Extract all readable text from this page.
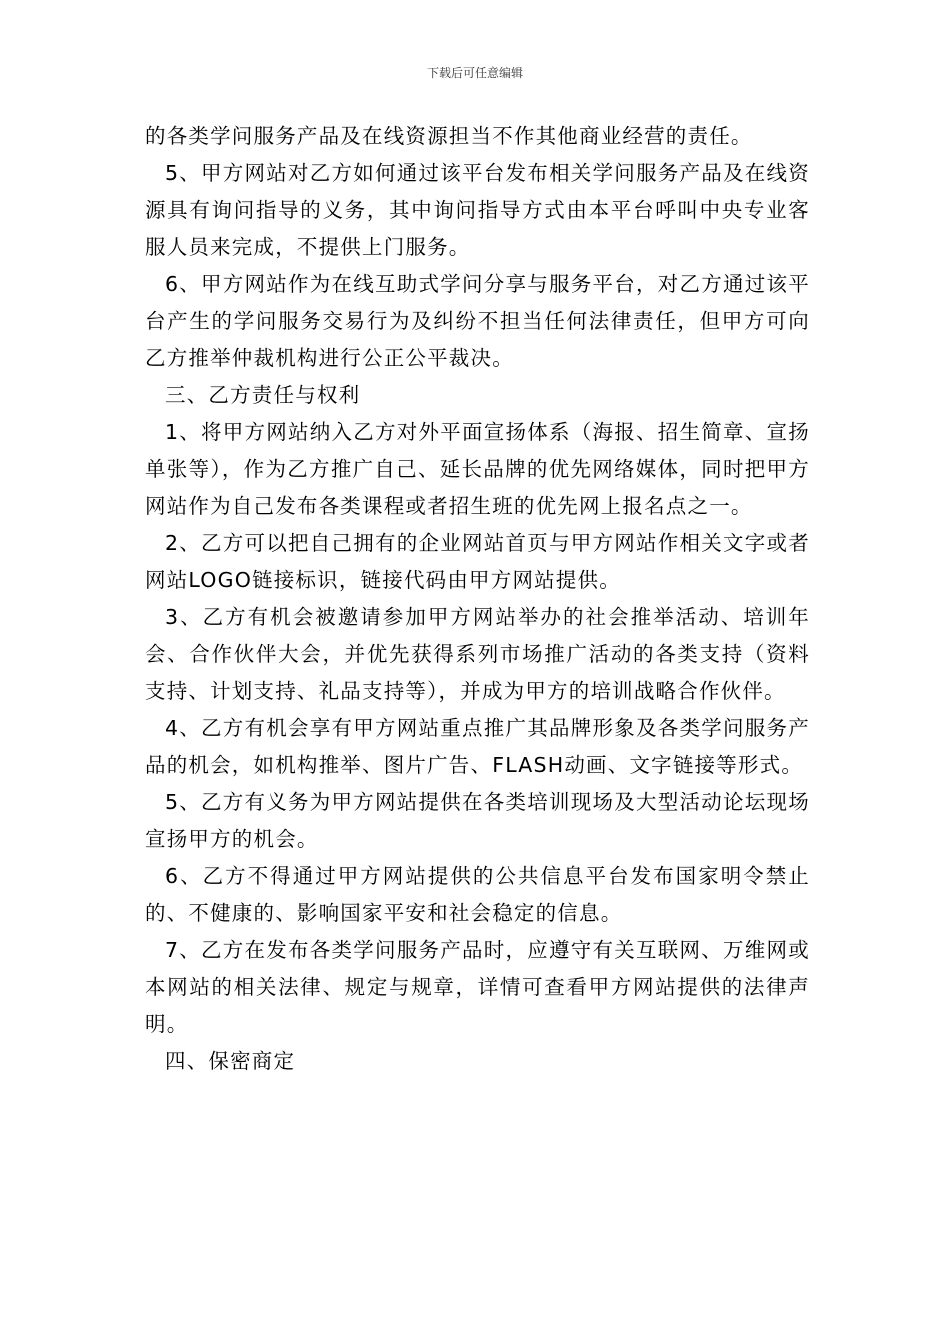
下载后可任意编辑

的各类学问服务产品及在线资源担当不作其他商业经营的责任。

5、甲方网站对乙方如何通过该平台发布相关学问服务产品及在线资源具有询问指导的义务，其中询问指导方式由本平台呼叫中央专业客服人员来完成，不提供上门服务。

6、甲方网站作为在线互助式学问分享与服务平台，对乙方通过该平台产生的学问服务交易行为及纠纷不担当任何法律责任，但甲方可向乙方推举仲裁机构进行公正公平裁决。

三、乙方责任与权利

1、将甲方网站纳入乙方对外平面宣扬体系（海报、招生简章、宣扬单张等），作为乙方推广自己、延长品牌的优先网络媒体，同时把甲方网站作为自己发布各类课程或者招生班的优先网上报名点之一。

2、乙方可以把自己拥有的企业网站首页与甲方网站作相关文字或者网站LOGO链接标识，链接代码由甲方网站提供。

3、乙方有机会被邀请参加甲方网站举办的社会推举活动、培训年会、合作伙伴大会，并优先获得系列市场推广活动的各类支持（资料支持、计划支持、礼品支持等），并成为甲方的培训战略合作伙伴。

4、乙方有机会享有甲方网站重点推广其品牌形象及各类学问服务产品的机会，如机构推举、图片广告、FLASH动画、文字链接等形式。

5、乙方有义务为甲方网站提供在各类培训现场及大型活动论坛现场宣扬甲方的机会。

6、乙方不得通过甲方网站提供的公共信息平台发布国家明令禁止的、不健康的、影响国家平安和社会稳定的信息。

7、乙方在发布各类学问服务产品时，应遵守有关互联网、万维网或本网站的相关法律、规定与规章，详情可查看甲方网站提供的法律声明。

四、保密商定
